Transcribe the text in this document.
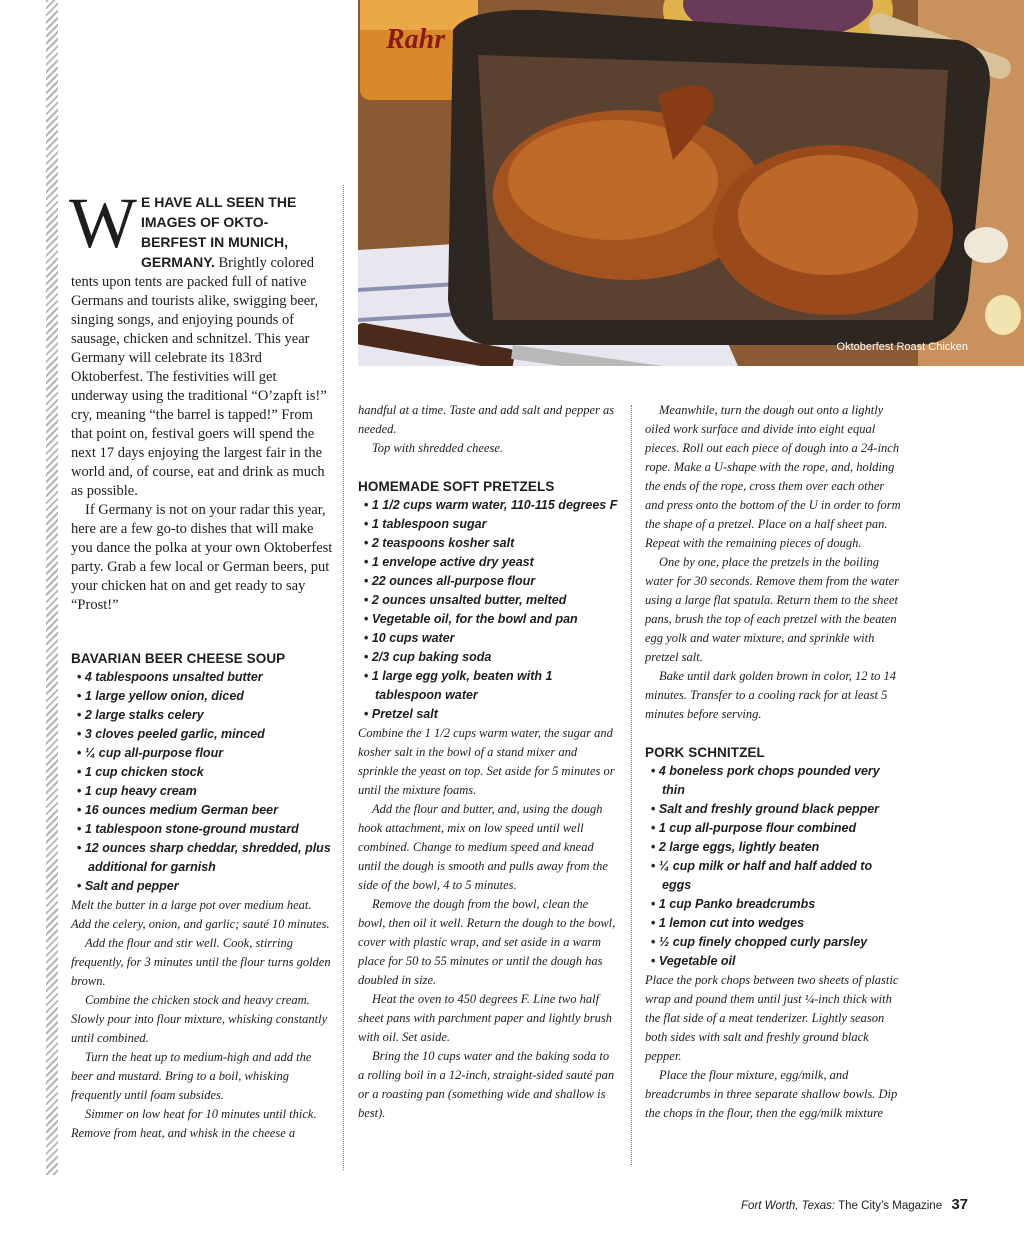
Rahr
Oktoberfest Roast Chicken
W E HAVE ALL SEEN THE IMAGES OF OKTO-BERFEST IN MUNICH, GERMANY. Brightly colored tents upon tents are packed full of native Germans and tourists alike, swigging beer, singing songs, and enjoying pounds of sausage, chicken and schnitzel. This year Germany will celebrate its 183rd Oktoberfest. The festivities will get underway using the traditional “O’zapft is!” cry, meaning “the barrel is tapped!” From that point on, festival goers will spend the next 17 days enjoying the largest fair in the world and, of course, eat and drink as much as possible.

If Germany is not on your radar this year, here are a few go-to dishes that will make you dance the polka at your own Oktoberfest party. Grab a few local or German beers, put your chicken hat on and get ready to say “Prost!”

BAVARIAN BEER CHEESE SOUP
• 4 tablespoons unsalted butter
• 1 large yellow onion, diced
• 2 large stalks celery
• 3 cloves peeled garlic, minced
• ¼ cup all-purpose flour
• 1 cup chicken stock
• 1 cup heavy cream
• 16 ounces medium German beer
• 1 tablespoon stone-ground mustard
• 12 ounces sharp cheddar, shredded, plus additional for garnish
• Salt and pepper

Melt the butter in a large pot over medium heat. Add the celery, onion, and garlic; sauté 10 minutes.

Add the flour and stir well. Cook, stirring frequently, for 3 minutes until the flour turns golden brown.

Combine the chicken stock and heavy cream. Slowly pour into flour mixture, whisking constantly until combined.

Turn the heat up to medium-high and add the beer and mustard. Bring to a boil, whisking frequently until foam subsides.

Simmer on low heat for 10 minutes until thick. Remove from heat, and whisk in the cheese a

handful at a time. Taste and add salt and pepper as needed.

Top with shredded cheese.

HOMEMADE SOFT PRETZELS
• 1 1/2 cups warm water, 110-115 degrees F
• 1 tablespoon sugar
• 2 teaspoons kosher salt
• 1 envelope active dry yeast
• 22 ounces all-purpose flour
• 2 ounces unsalted butter, melted
• Vegetable oil, for the bowl and pan
• 10 cups water
• 2/3 cup baking soda
• 1 large egg yolk, beaten with 1 tablespoon water
• Pretzel salt

Combine the 1 1/2 cups warm water, the sugar and kosher salt in the bowl of a stand mixer and sprinkle the yeast on top. Set aside for 5 minutes or until the mixture foams.

Add the flour and butter, and, using the dough hook attachment, mix on low speed until well combined. Change to medium speed and knead until the dough is smooth and pulls away from the side of the bowl, 4 to 5 minutes.

Remove the dough from the bowl, clean the bowl, then oil it well. Return the dough to the bowl, cover with plastic wrap, and set aside in a warm place for 50 to 55 minutes or until the dough has doubled in size.

Heat the oven to 450 degrees F. Line two half sheet pans with parchment paper and lightly brush with oil. Set aside.

Bring the 10 cups water and the baking soda to a rolling boil in a 12-inch, straight-sided sauté pan or a roasting pan (something wide and shallow is best).

Meanwhile, turn the dough out onto a lightly oiled work surface and divide into eight equal pieces. Roll out each piece of dough into a 24-inch rope. Make a U-shape with the rope, and, holding the ends of the rope, cross them over each other and press onto the bottom of the U in order to form the shape of a pretzel. Place on a half sheet pan. Repeat with the remaining pieces of dough.

One by one, place the pretzels in the boiling water for 30 seconds. Remove them from the water using a large flat spatula. Return them to the sheet pans, brush the top of each pretzel with the beaten egg yolk and water mixture, and sprinkle with pretzel salt.

Bake until dark golden brown in color, 12 to 14 minutes. Transfer to a cooling rack for at least 5 minutes before serving.

PORK SCHNITZEL
• 4 boneless pork chops pounded very thin
• Salt and freshly ground black pepper
• 1 cup all-purpose flour combined
• 2 large eggs, lightly beaten
• ¼ cup milk or half and half added to eggs
• 1 cup Panko breadcrumbs
• 1 lemon cut into wedges
• ½ cup finely chopped curly parsley
• Vegetable oil

Place the pork chops between two sheets of plastic wrap and pound them until just ¼-inch thick with the flat side of a meat tenderizer. Lightly season both sides with salt and freshly ground black pepper.

Place the flour mixture, egg/milk, and breadcrumbs in three separate shallow bowls. Dip the chops in the flour, then the egg/milk mixture

Fort Worth, Texas: The City’s Magazine 37
